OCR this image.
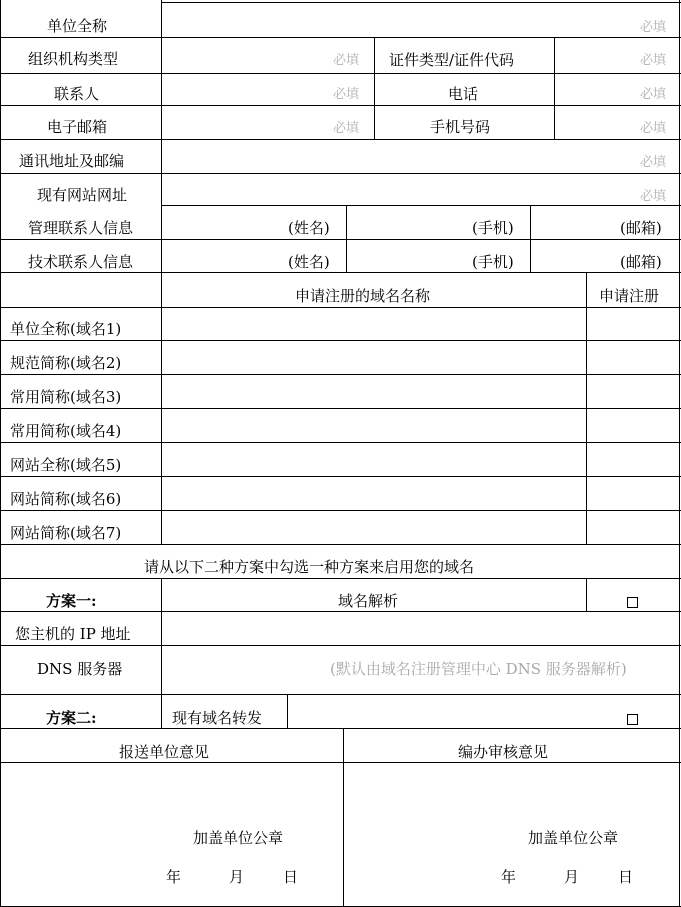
单位全称	必填
组织机构类型	必填 证件类型/证件代码	必填
联系人	必填	电话	必填
电子邮箱	必填	手机号码	必填
通讯地址及邮编	必填
现有网站网址	必填
管理联系人信息	(姓名)	(手机)	(邮箱)
技术联系人信息	(姓名)	(手机)	(邮箱)
申请注册的域名名称	申请注册
单位全称(域名1)
规范简称(域名2)
常用简称(域名3)
常用简称(域名4)
网站全称(域名5)
网站简称(域名6)
网站简称(域名7)
请从以下二种方案中勾选一种方案来启用您的域名
方案一:	域名解析
您主机的 IP 地址
DNS 服务器	(默认由域名注册管理中心 DNS 服务器解析)
方案二:	现有域名转发
报送单位意见	编办审核意见
加盖单位公章
年	月	日
加盖单位公章
年	月	日
